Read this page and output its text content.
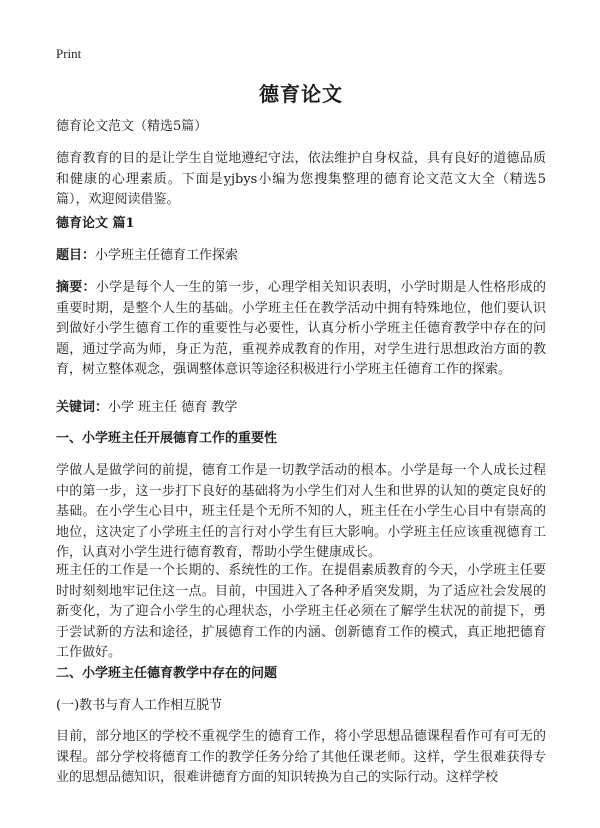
Print
德育论文

德育论文范文（精选5篇）

德育教育的目的是让学生自觉地遵纪守法，依法维护自身权益，具有良好的道德品质和健康的心理素质。下面是yjbys小编为您搜集整理的德育论文范文大全（精选5篇），欢迎阅读借鉴。

德育论文 篇1

题目：小学班主任德育工作探索

摘要：小学是每个人一生的第一步，心理学相关知识表明，小学时期是人性格形成的重要时期，是整个人生的基础。小学班主任在教学活动中拥有特殊地位，他们要认识到做好小学生德育工作的重要性与必要性，认真分析小学班主任德育教学中存在的问题，通过学高为师，身正为范，重视养成教育的作用，对学生进行思想政治方面的教育，树立整体观念，强调整体意识等途径积极进行小学班主任德育工作的探索。

关键词：小学 班主任 德育 教学

一、小学班主任开展德育工作的重要性

学做人是做学问的前提，德育工作是一切教学活动的根本。小学是每一个人成长过程中的第一步，这一步打下良好的基础将为小学生们对人生和世界的认知的奠定良好的基础。在小学生心目中，班主任是个无所不知的人，班主任在小学生心目中有崇高的地位，这决定了小学班主任的言行对小学生有巨大影响。小学班主任应该重视德育工作，认真对小学生进行德育教育，帮助小学生健康成长。

班主任的工作是一个长期的、系统性的工作。在提倡素质教育的今天，小学班主任要时时刻刻地牢记住这一点。目前，中国进入了各种矛盾突发期，为了适应社会发展的新变化，为了迎合小学生的心理状态，小学班主任必须在了解学生状况的前提下，勇于尝试新的方法和途径，扩展德育工作的内涵、创新德育工作的模式，真正地把德育工作做好。

二、小学班主任德育教学中存在的问题

(一)教书与育人工作相互脱节

目前，部分地区的学校不重视学生的德育工作，将小学思想品德课程看作可有可无的课程。部分学校将德育工作的教学任务分给了其他任课老师。这样，学生很难获得专业的思想品德知识，很难讲德育方面的知识转换为自己的实际行动。这样学校
